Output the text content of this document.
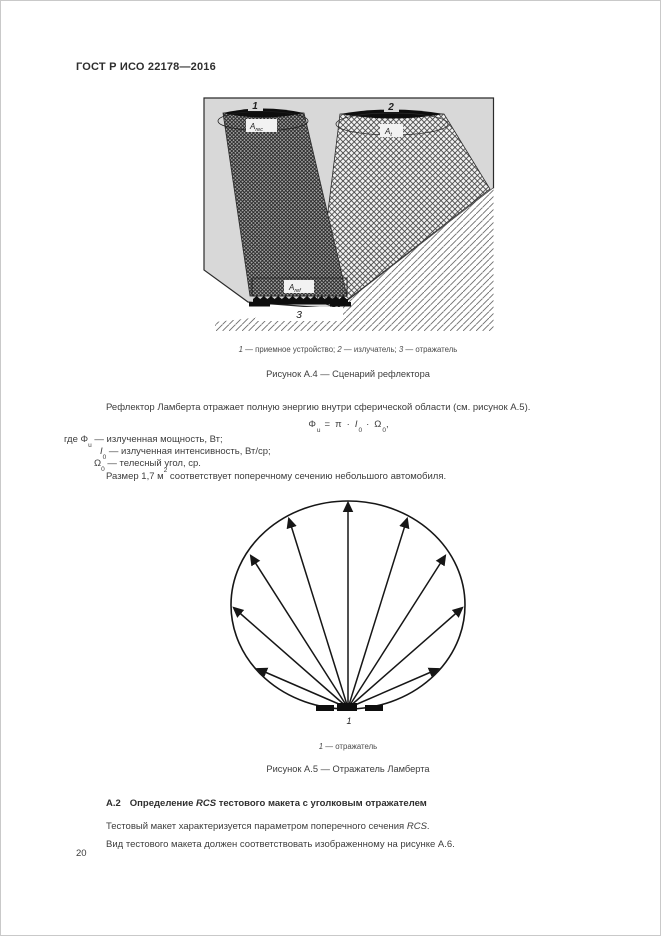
ГОСТ Р ИСО 22178—2016
$A_t$
2
$A_{rec}$
1
$A_{ref}$
3
1 — приемное устройство; 2 — излучатель; 3 — отражатель
Рисунок А.4 — Сценарий рефлектора
Рефлектор Ламберта отражает полную энергию внутри сферической области (см. рисунок А.5).
$\Phi_u= \pi \cdot I_0\cdot \Omega_0$,
где $\Phi_u$ — излученная мощность, Вт;
$I_0$ — излученная интенсивность, Вт/ср;
$\Omega_0$ — телесный угол, ср.
Размер 1,7 $м^2$ соответствует поперечному сечению небольшого автомобиля.
1
1 — отражатель
Рисунок А.5 — Отражатель Ламберта
А.2 Определение RCS тестового макета с уголковым отражателем
Тестовый макет характеризуется параметром поперечного сечения RCS.
Вид тестового макета должен соответствовать изображенному на рисунке А.6.
20
